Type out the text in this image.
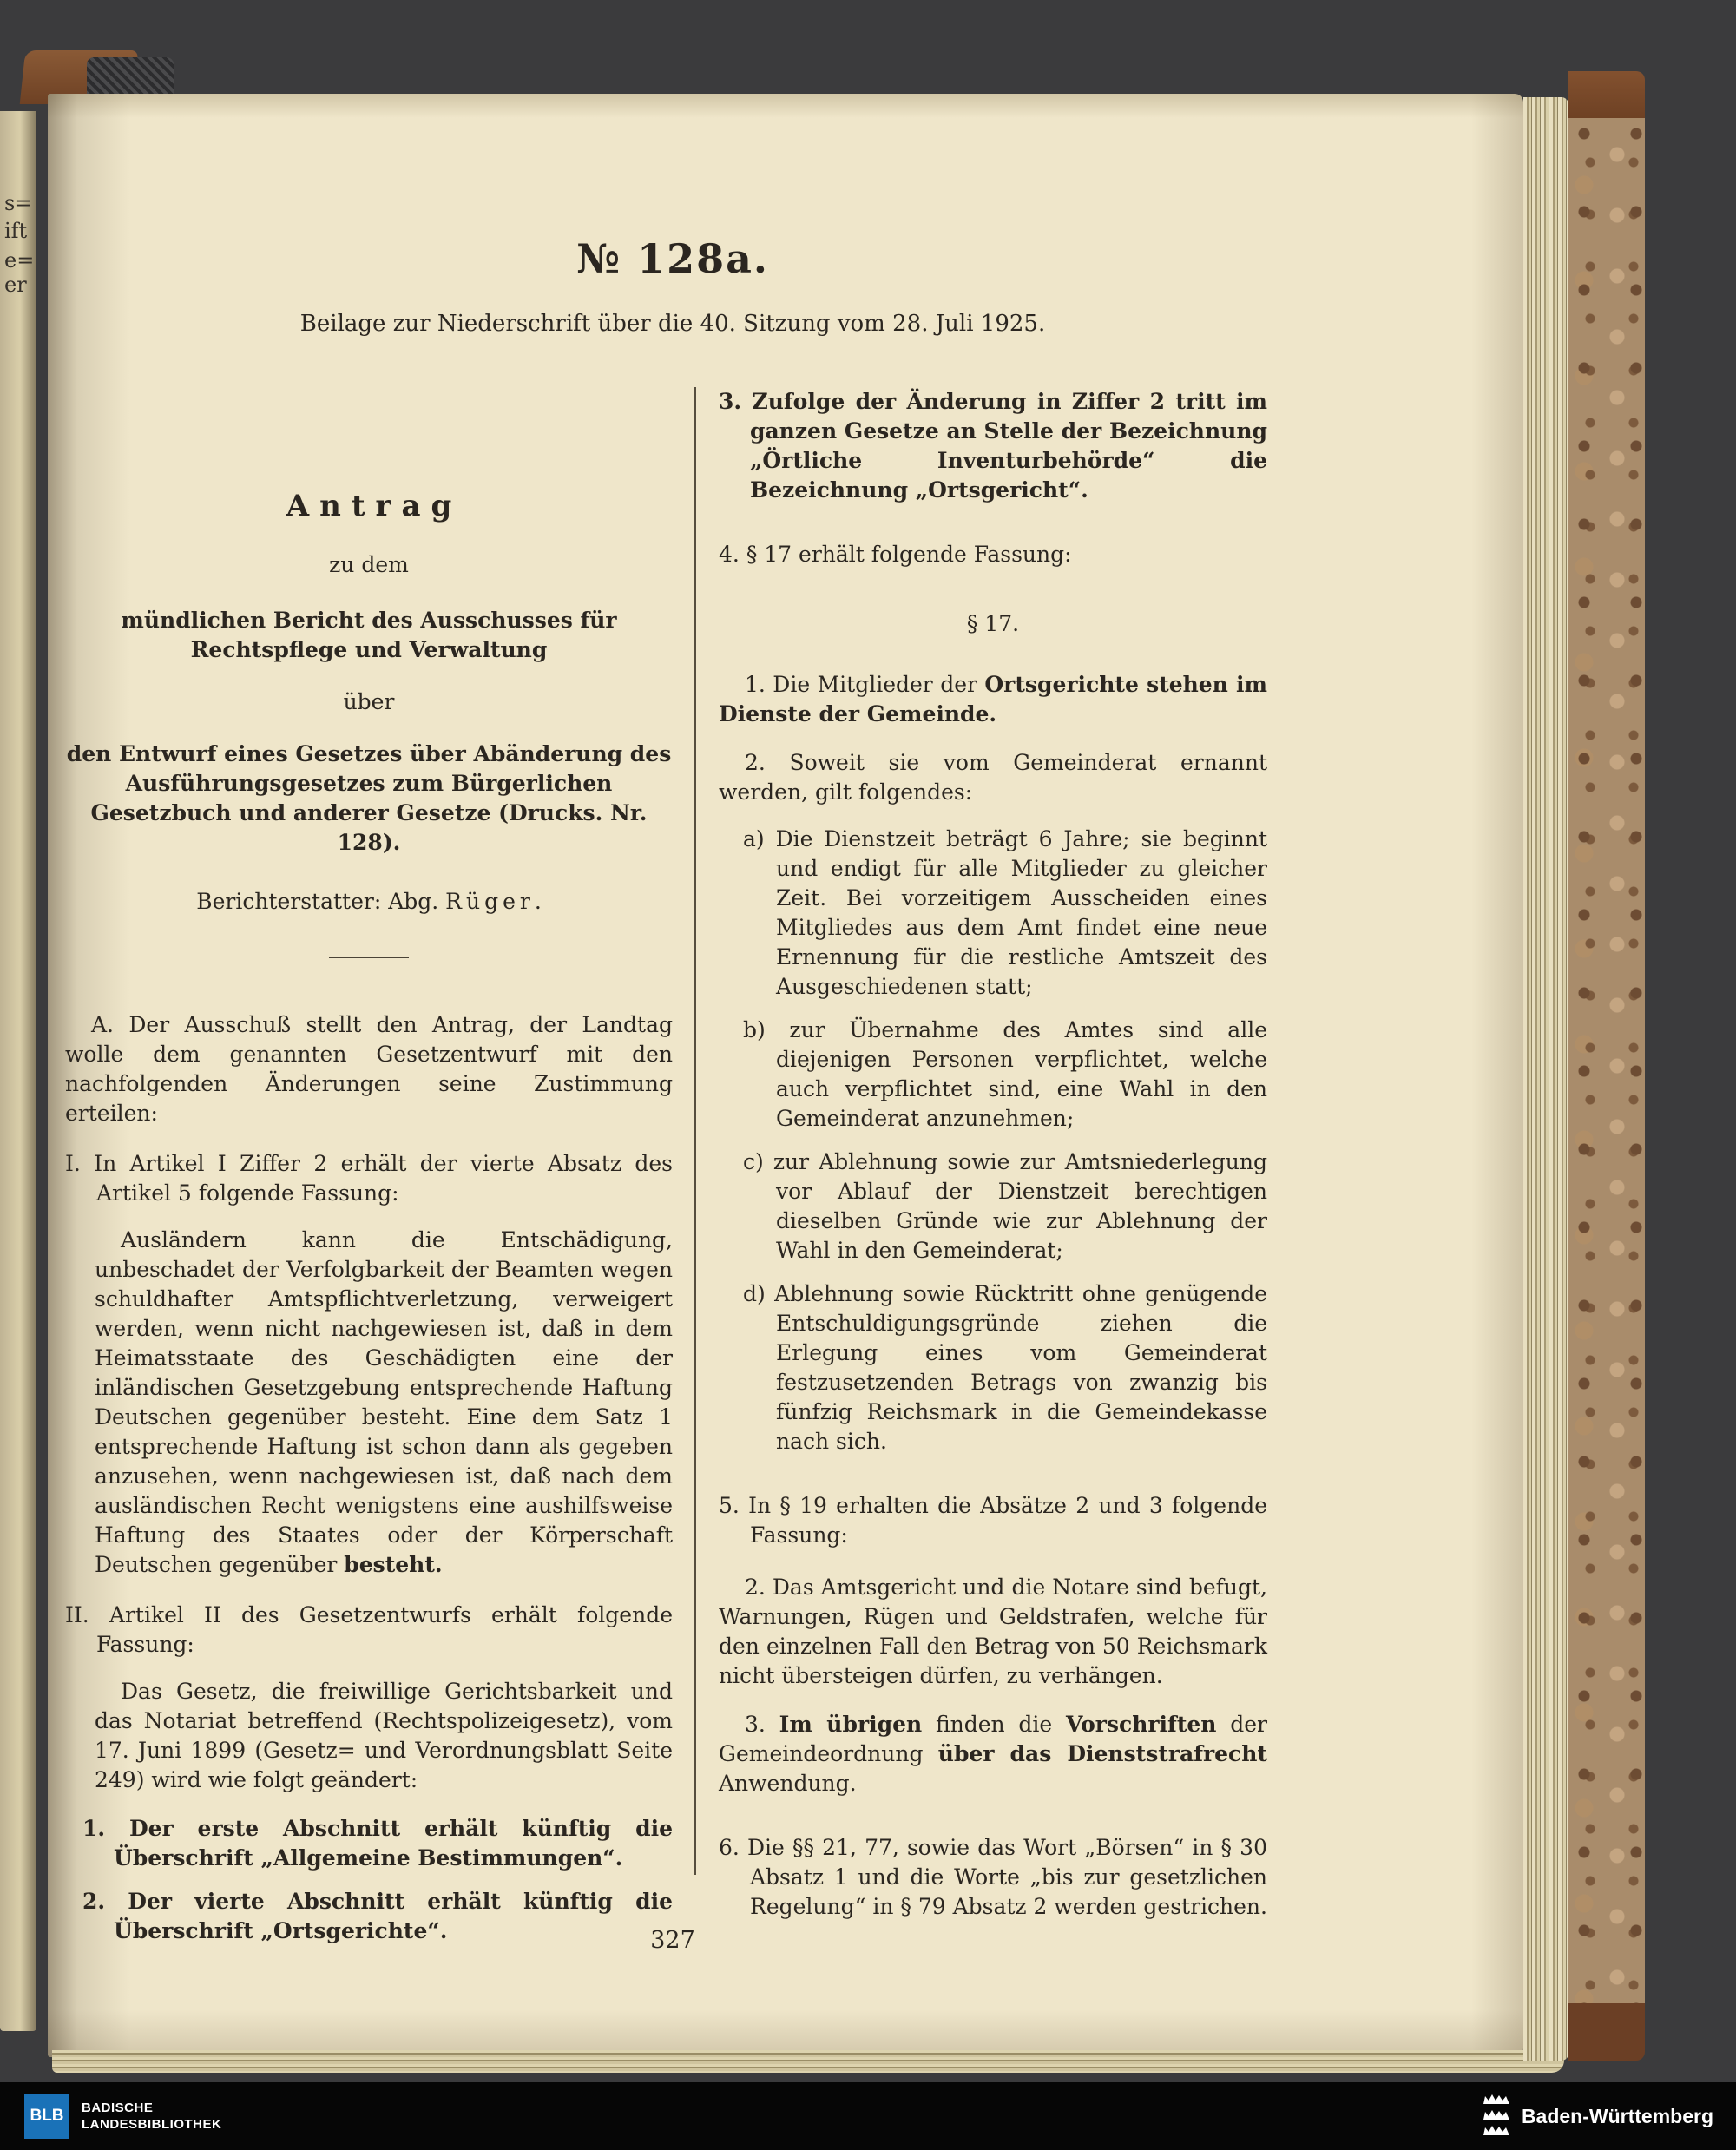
s=
ift
e=
er
№ 128a.
Beilage zur Niederschrift über die 40. Sitzung vom 28. Juli 1925.

Antrag

zu dem

mündlichen Bericht des Ausschusses für Rechtspflege und Verwaltung

über

den Entwurf eines Gesetzes über Abänderung des Ausführungsgesetzes zum Bürgerlichen Gesetzbuch und anderer Gesetze (Drucks. Nr. 128).

Berichterstatter: Abg. Rüger.

A. Der Ausschuß stellt den Antrag, der Landtag wolle dem genannten Gesetzentwurf mit den nachfolgenden Änderungen seine Zustimmung erteilen:

I. In Artikel I Ziffer 2 erhält der vierte Absatz des Artikel 5 folgende Fassung:

Ausländern kann die Entschädigung, unbeschadet der Verfolgbarkeit der Beamten wegen schuldhafter Amtspflichtverletzung, verweigert werden, wenn nicht nachgewiesen ist, daß in dem Heimatsstaate des Geschädigten eine der inländischen Gesetzgebung entsprechende Haftung Deutschen gegenüber besteht. Eine dem Satz 1 entsprechende Haftung ist schon dann als gegeben anzusehen, wenn nachgewiesen ist, daß nach dem ausländischen Recht wenigstens eine aushilfsweise Haftung des Staates oder der Körperschaft Deutschen gegenüber besteht.

II. Artikel II des Gesetzentwurfs erhält folgende Fassung:

Das Gesetz, die freiwillige Gerichtsbarkeit und das Notariat betreffend (Rechtspolizeigesetz), vom 17. Juni 1899 (Gesetz= und Verordnungsblatt Seite 249) wird wie folgt geändert:

1. Der erste Abschnitt erhält künftig die Überschrift „Allgemeine Bestimmungen“.

2. Der vierte Abschnitt erhält künftig die Überschrift „Ortsgerichte“.

3. Zufolge der Änderung in Ziffer 2 tritt im ganzen Gesetze an Stelle der Bezeichnung „Örtliche Inventurbehörde“ die Bezeichnung „Ortsgericht“.

4. § 17 erhält folgende Fassung:

§ 17.

1. Die Mitglieder der Ortsgerichte stehen im Dienste der Gemeinde.

2. Soweit sie vom Gemeinderat ernannt werden, gilt folgendes:

a) Die Dienstzeit beträgt 6 Jahre; sie beginnt und endigt für alle Mitglieder zu gleicher Zeit. Bei vorzeitigem Ausscheiden eines Mitgliedes aus dem Amt findet eine neue Ernennung für die restliche Amtszeit des Ausgeschiedenen statt;

b) zur Übernahme des Amtes sind alle diejenigen Personen verpflichtet, welche auch verpflichtet sind, eine Wahl in den Gemeinderat anzunehmen;

c) zur Ablehnung sowie zur Amtsniederlegung vor Ablauf der Dienstzeit berechtigen dieselben Gründe wie zur Ablehnung der Wahl in den Gemeinderat;

d) Ablehnung sowie Rücktritt ohne genügende Entschuldigungsgründe ziehen die Erlegung eines vom Gemeinderat festzusetzenden Betrags von zwanzig bis fünfzig Reichsmark in die Gemeindekasse nach sich.

5. In § 19 erhalten die Absätze 2 und 3 folgende Fassung:

2. Das Amtsgericht und die Notare sind befugt, Warnungen, Rügen und Geldstrafen, welche für den einzelnen Fall den Betrag von 50 Reichsmark nicht übersteigen dürfen, zu verhängen.

3. Im übrigen finden die Vorschriften der Gemeindeordnung über das Dienststrafrecht Anwendung.

6. Die §§ 21, 77, sowie das Wort „Börsen“ in § 30 Absatz 1 und die Worte „bis zur gesetzlichen Regelung“ in § 79 Absatz 2 werden gestrichen.

327
BLB	BADISCHE
LANDESBIBLIOTHEK	Baden-Württemberg
